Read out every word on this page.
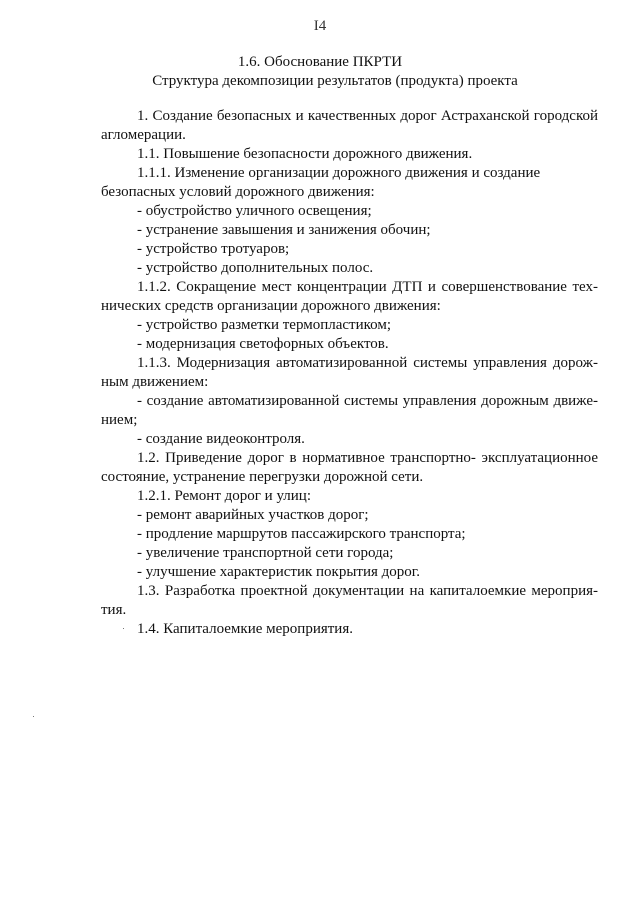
I4
1.6. Обоснование ПКРТИ
Структура декомпозиции результатов (продукта) проекта
1. Создание безопасных и качественных дорог Астраханской городской
агломерации.
1.1. Повышение безопасности дорожного движения.
1.1.1. Изменение организации дорожного движения и создание
безопасных условий дорожного движения:
- обустройство уличного освещения;
- устранение завышения и занижения обочин;
- устройство тротуаров;
- устройство дополнительных полос.
1.1.2. Сокращение мест концентрации ДТП и совершенствование тех-
нических средств организации дорожного движения:
- устройство разметки термопластиком;
- модернизация светофорных объектов.
1.1.3. Модернизация автоматизированной системы управления дорож-
ным движением:
- создание автоматизированной системы управления дорожным движе-
нием;
- создание видеоконтроля.
1.2. Приведение дорог в нормативное транспортно- эксплуатационное
состояние, устранение перегрузки дорожной сети.
1.2.1. Ремонт дорог и улиц:
- ремонт аварийных участков дорог;
- продление маршрутов пассажирского транспорта;
- увеличение транспортной сети города;
- улучшение характеристик покрытия дорог.
1.3. Разработка проектной документации на капиталоемкие мероприя-
тия.
1.4. Капиталоемкие мероприятия.
